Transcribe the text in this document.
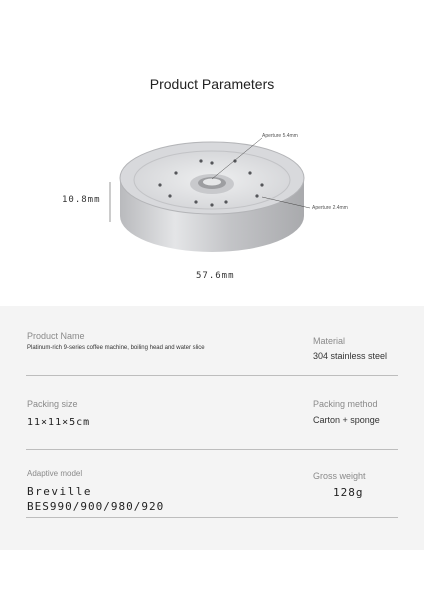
Product Parameters
10.8mm
57.6mm
Aperture 5.4mm
Aperture 2.4mm
Product Name
Platinum-rich 9-series coffee machine, boiling head and water slice
Material
304 stainless steel
Packing size
11×11×5cm
Packing method
Carton + sponge
Adaptive model
Breville
BES990/900/980/920
Gross weight
128g
